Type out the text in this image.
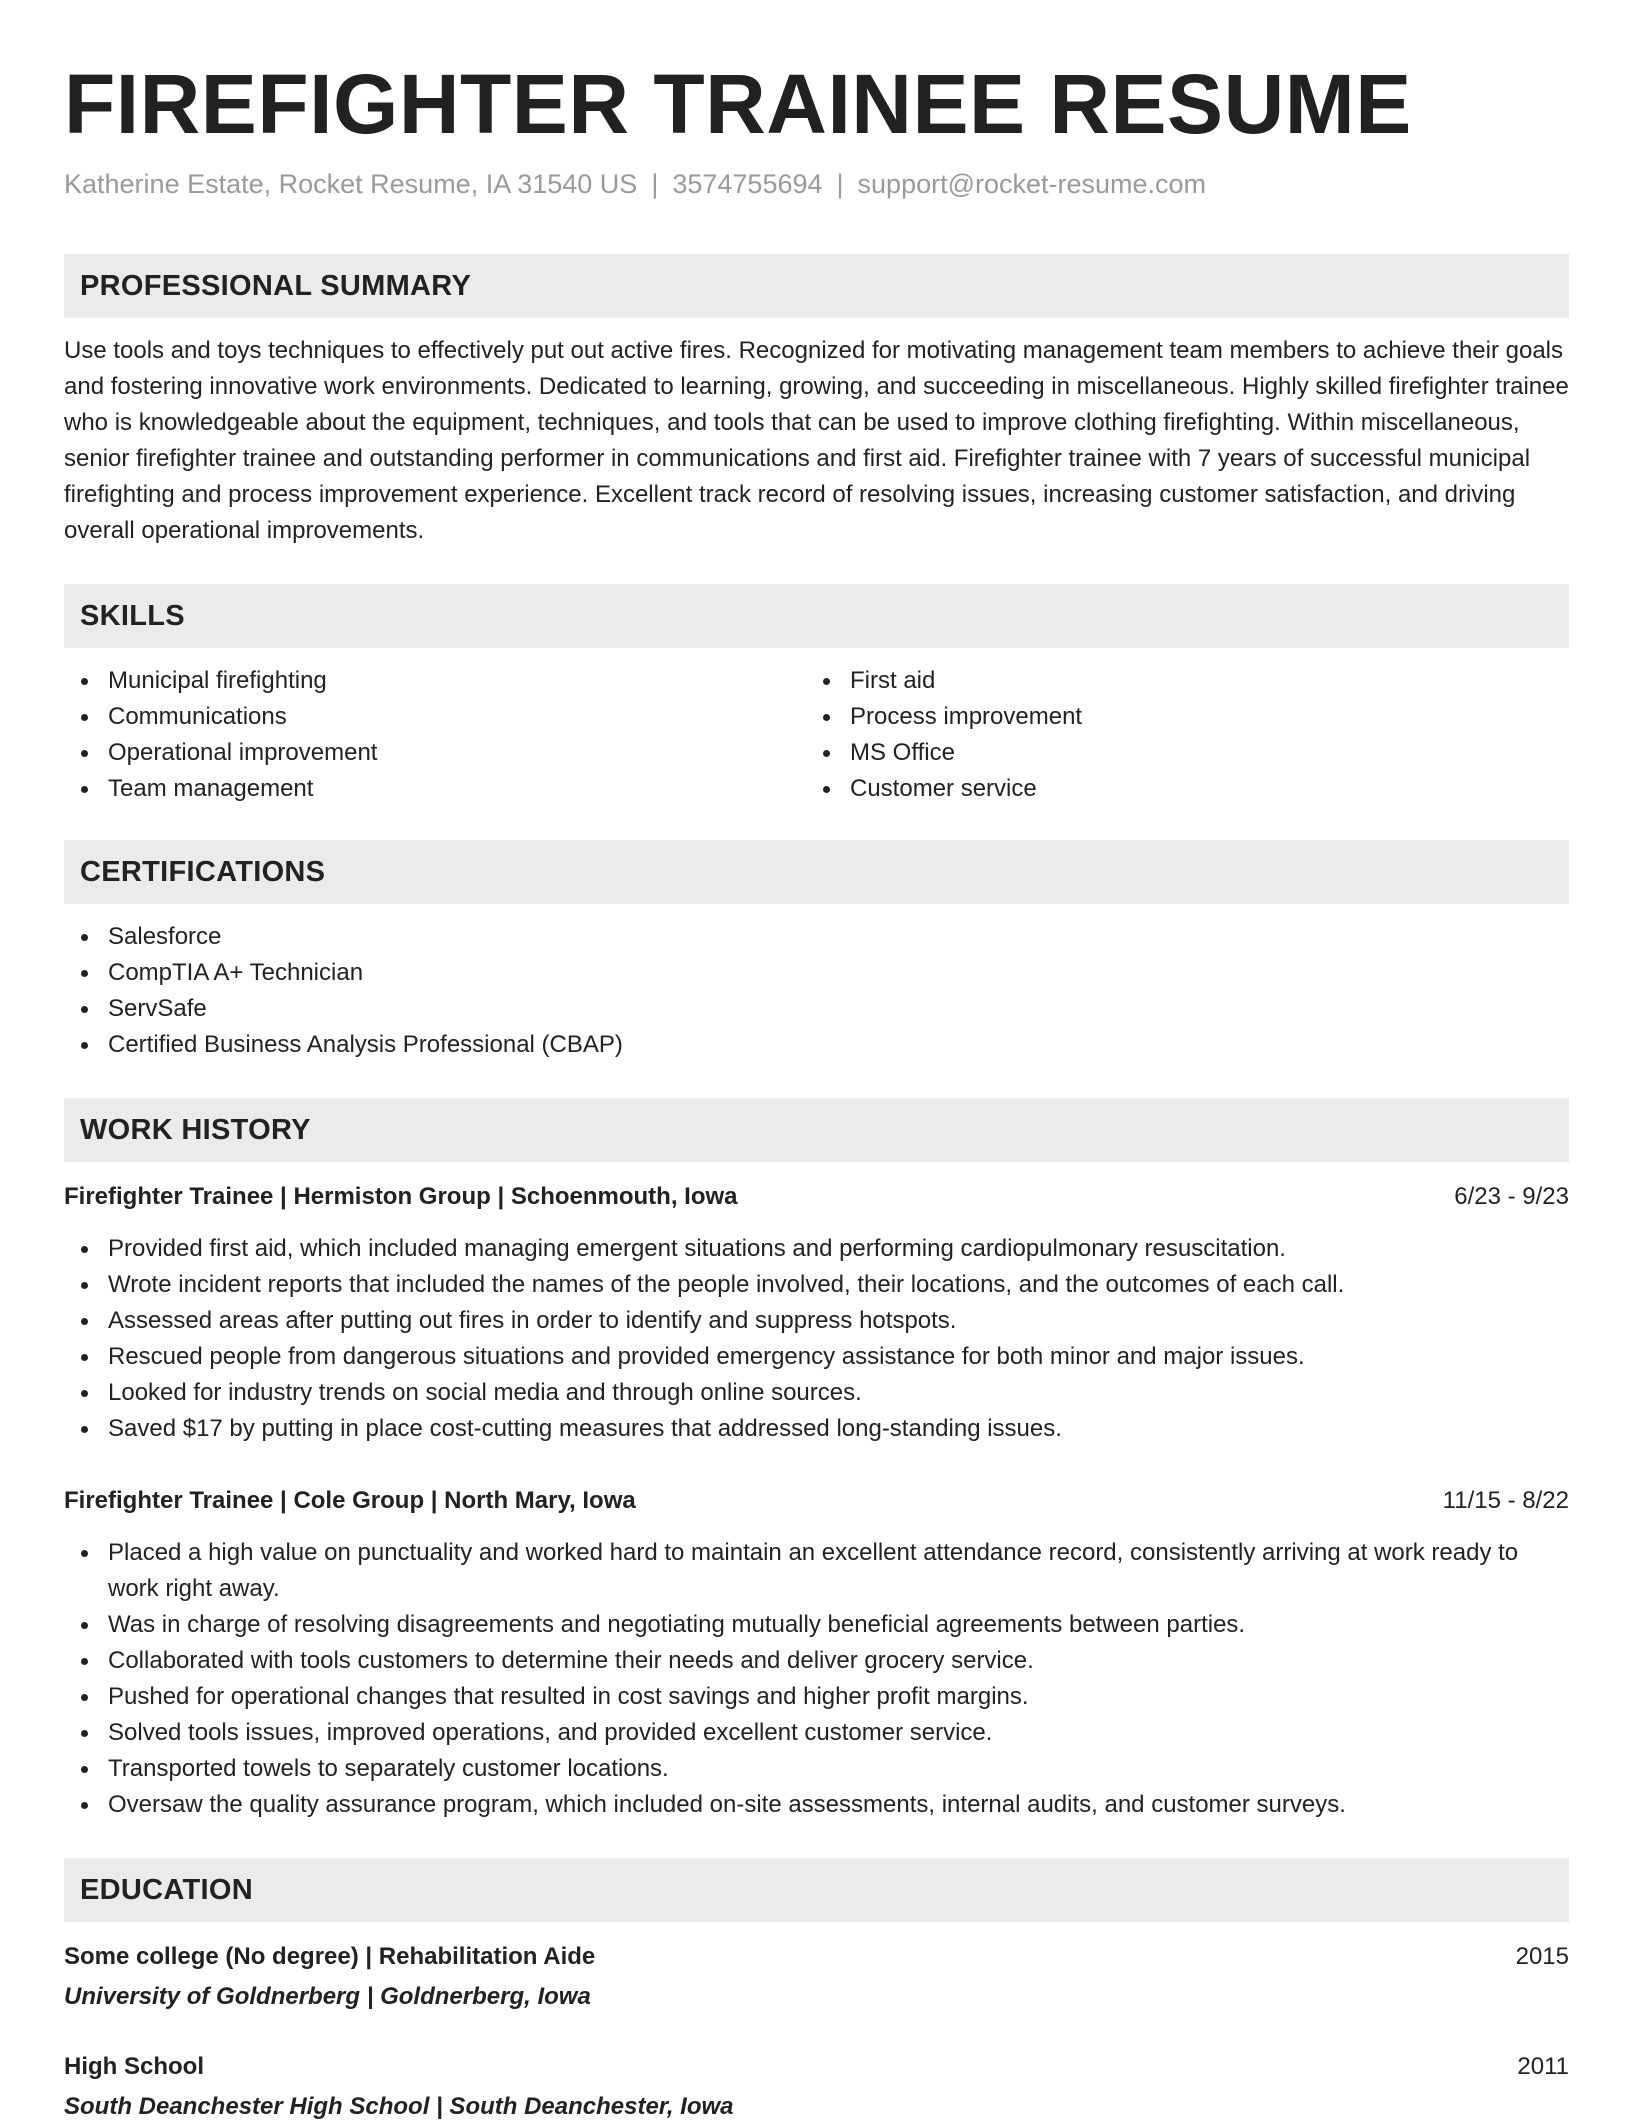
FIREFIGHTER TRAINEE RESUME
Katherine Estate, Rocket Resume, IA 31540 US | 3574755694 | support@rocket-resume.com
PROFESSIONAL SUMMARY

Use tools and toys techniques to effectively put out active fires. Recognized for motivating management team members to achieve their goals and fostering innovative work environments. Dedicated to learning, growing, and succeeding in miscellaneous. Highly skilled firefighter trainee who is knowledgeable about the equipment, techniques, and tools that can be used to improve clothing firefighting. Within miscellaneous, senior firefighter trainee and outstanding performer in communications and first aid. Firefighter trainee with 7 years of successful municipal firefighting and process improvement experience. Excellent track record of resolving issues, increasing customer satisfaction, and driving overall operational improvements.

SKILLS
Municipal firefighting
Communications
Operational improvement
Team management
First aid
Process improvement
MS Office
Customer service
CERTIFICATIONS
Salesforce
CompTIA A+ Technician
ServSafe
Certified Business Analysis Professional (CBAP)
WORK HISTORY
Firefighter Trainee | Hermiston Group | Schoenmouth, Iowa	6/23 - 9/23
Provided first aid, which included managing emergent situations and performing cardiopulmonary resuscitation.
Wrote incident reports that included the names of the people involved, their locations, and the outcomes of each call.
Assessed areas after putting out fires in order to identify and suppress hotspots.
Rescued people from dangerous situations and provided emergency assistance for both minor and major issues.
Looked for industry trends on social media and through online sources.
Saved $17 by putting in place cost-cutting measures that addressed long-standing issues.
Firefighter Trainee | Cole Group | North Mary, Iowa	11/15 - 8/22
Placed a high value on punctuality and worked hard to maintain an excellent attendance record, consistently arriving at work ready to work right away.
Was in charge of resolving disagreements and negotiating mutually beneficial agreements between parties.
Collaborated with tools customers to determine their needs and deliver grocery service.
Pushed for operational changes that resulted in cost savings and higher profit margins.
Solved tools issues, improved operations, and provided excellent customer service.
Transported towels to separately customer locations.
Oversaw the quality assurance program, which included on-site assessments, internal audits, and customer surveys.
EDUCATION
Some college (No degree) | Rehabilitation Aide	2015
University of Goldnerberg | Goldnerberg, Iowa
High School	2011
South Deanchester High School | South Deanchester, Iowa
